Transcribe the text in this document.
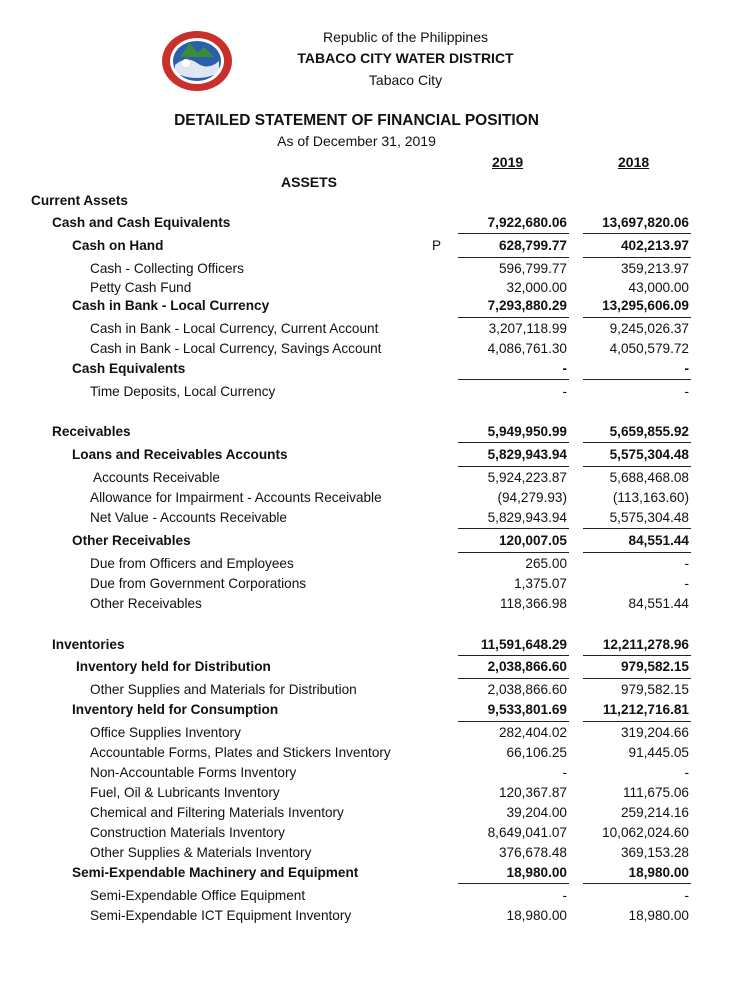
Republic of the Philippines
TABACO CITY WATER DISTRICT
Tabaco City
DETAILED STATEMENT OF FINANCIAL POSITION
As of December 31, 2019
2019	2018
ASSETS
Current Assets
Cash and Cash Equivalents	7,922,680.06	13,697,820.06
Cash on Hand	P	628,799.77	402,213.97
Cash - Collecting Officers	596,799.77	359,213.97
Petty Cash Fund	32,000.00	43,000.00
Cash in Bank - Local Currency	7,293,880.29	13,295,606.09
Cash in Bank - Local Currency, Current Account	3,207,118.99	9,245,026.37
Cash in Bank - Local Currency, Savings Account	4,086,761.30	4,050,579.72
Cash Equivalents	-	-
Time Deposits, Local Currency	-	-
Receivables	5,949,950.99	5,659,855.92
Loans and Receivables Accounts	5,829,943.94	5,575,304.48
Accounts Receivable	5,924,223.87	5,688,468.08
Allowance for Impairment - Accounts Receivable	(94,279.93)	(113,163.60)
Net Value - Accounts Receivable	5,829,943.94	5,575,304.48
Other Receivables	120,007.05	84,551.44
Due from Officers and Employees	265.00	-
Due from Government Corporations	1,375.07	-
Other Receivables	118,366.98	84,551.44
Inventories	11,591,648.29	12,211,278.96
Inventory held for Distribution	2,038,866.60	979,582.15
Other Supplies and Materials for Distribution	2,038,866.60	979,582.15
Inventory held for Consumption	9,533,801.69	11,212,716.81
Office Supplies Inventory	282,404.02	319,204.66
Accountable Forms, Plates and Stickers Inventory	66,106.25	91,445.05
Non-Accountable Forms Inventory	-	-
Fuel, Oil & Lubricants Inventory	120,367.87	111,675.06
Chemical and Filtering Materials Inventory	39,204.00	259,214.16
Construction Materials Inventory	8,649,041.07	10,062,024.60
Other Supplies & Materials Inventory	376,678.48	369,153.28
Semi-Expendable Machinery and Equipment	18,980.00	18,980.00
Semi-Expendable Office Equipment	-	-
Semi-Expendable ICT Equipment Inventory	18,980.00	18,980.00
